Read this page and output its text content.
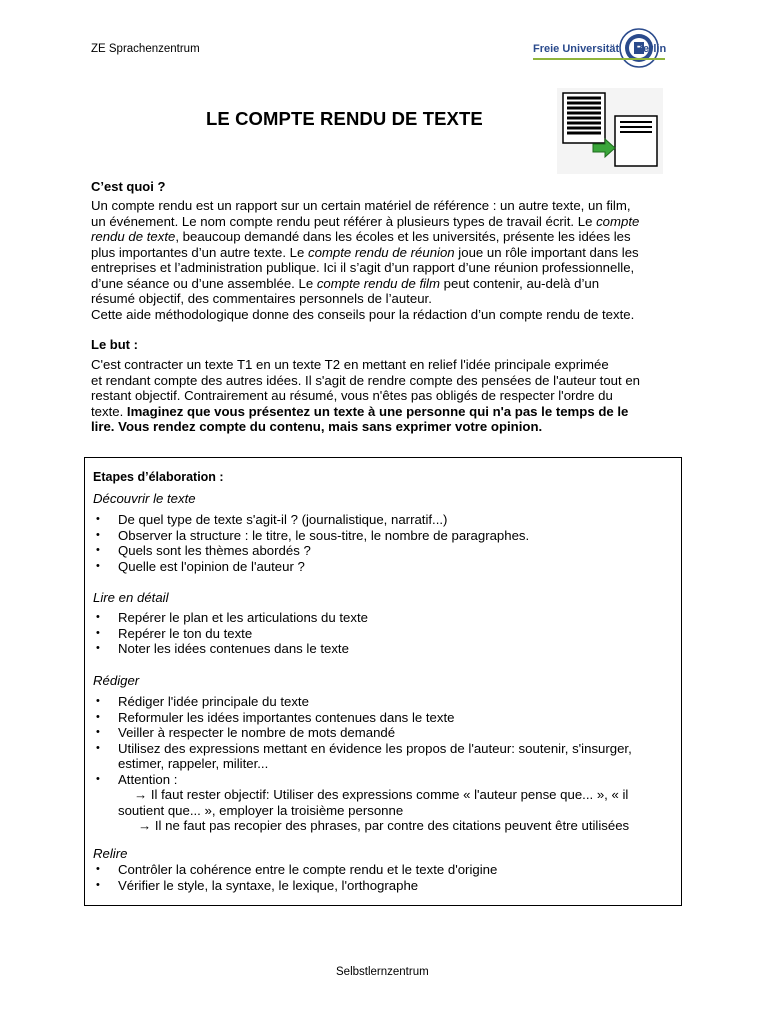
ZE Sprachenzentrum	Freie Universität Berlin
LE COMPTE RENDU DE TEXTE
C’est quoi ?

Un compte rendu est un rapport sur un certain matériel de référence : un autre texte, un film,
un événement. Le nom compte rendu peut référer à plusieurs types de travail écrit. Le compte
rendu de texte, beaucoup demandé dans les écoles et les universités, présente les idées les
plus importantes d’un autre texte. Le compte rendu de réunion joue un rôle important dans les
entreprises et l’administration publique. Ici il s’agit d’un rapport d’une réunion professionnelle,
d’une séance ou d’une assemblée. Le compte rendu de film peut contenir, au-delà d’un
résumé objectif, des commentaires personnels de l’auteur.
Cette aide méthodologique donne des conseils pour la rédaction d’un compte rendu de texte.

Le but :

C'est contracter un texte T1 en un texte T2 en mettant en relief l'idée principale exprimée
et rendant compte des autres idées. Il s'agit de rendre compte des pensées de l'auteur tout en
restant objectif. Contrairement au résumé, vous n'êtes pas obligés de respecter l'ordre du
texte. Imaginez que vous présentez un texte à une personne qui n'a pas le temps de le
lire. Vous rendez compte du contenu, mais sans exprimer votre opinion.

Etapes d’élaboration :
Découvrir le texte
• De quel type de texte s'agit-il ? (journalistique, narratif...)
• Observer la structure : le titre, le sous-titre, le nombre de paragraphes.
• Quels sont les thèmes abordés ?
• Quelle est l'opinion de l'auteur ?
Lire en détail
• Repérer le plan et les articulations du texte
• Repérer le ton du texte
• Noter les idées contenues dans le texte
Rédiger
• Rédiger l'idée principale du texte
• Reformuler les idées importantes contenues dans le texte
• Veiller à respecter le nombre de mots demandé
• Utilisez des expressions mettant en évidence les propos de l'auteur: soutenir, s'insurger, estimer, rappeler, militer...
• Attention :
→ Il faut rester objectif: Utiliser des expressions comme « l'auteur pense que... », « il
soutient que... », employer la troisième personne
→ Il ne faut pas recopier des phrases, par contre des citations peuvent être utilisées
Relire
• Contrôler la cohérence entre le compte rendu et le texte d'origine
• Vérifier le style, la syntaxe, le lexique, l'orthographe
Selbstlernzentrum
